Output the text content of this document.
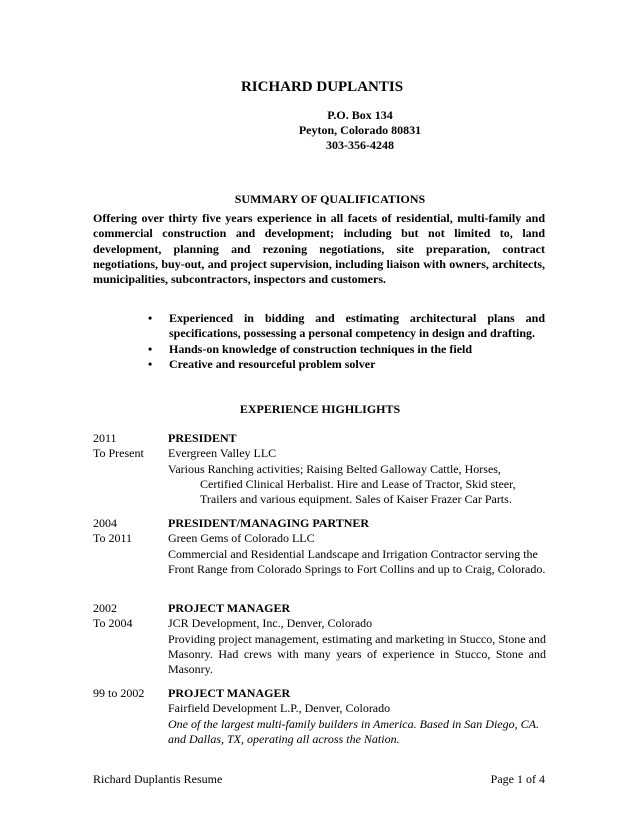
RICHARD DUPLANTIS
P.O. Box 134
Peyton, Colorado 80831
303-356-4248
SUMMARY OF QUALIFICATIONS
Offering over thirty five years experience in all facets of residential, multi-family and commercial construction and development; including but not limited to, land development, planning and rezoning negotiations, site preparation, contract negotiations, buy-out, and project supervision, including liaison with owners, architects, municipalities, subcontractors, inspectors and customers.
• Experienced in bidding and estimating architectural plans and specifications, possessing a personal competency in design and drafting.
• Hands-on knowledge of construction techniques in the field
• Creative and resourceful problem solver
EXPERIENCE HIGHLIGHTS
2011
To Present
PRESIDENT
Evergreen Valley LLC
Various Ranching activities; Raising Belted Galloway Cattle, Horses,
Certified Clinical Herbalist. Hire and Lease of Tractor, Skid steer,
Trailers and various equipment. Sales of Kaiser Frazer Car Parts.
2004
To 2011
PRESIDENT/MANAGING PARTNER
Green Gems of Colorado LLC
Commercial and Residential Landscape and Irrigation Contractor serving the Front Range from Colorado Springs to Fort Collins and up to Craig, Colorado.
2002
To 2004
PROJECT MANAGER
JCR Development, Inc., Denver, Colorado
Providing project management, estimating and marketing in Stucco, Stone and Masonry. Had crews with many years of experience in Stucco, Stone and Masonry.
99 to 2002	PROJECT MANAGER
Fairfield Development L.P., Denver, Colorado
One of the largest multi-family builders in America. Based in San Diego, CA. and Dallas, TX, operating all across the Nation.
Richard Duplantis Resume	Page 1 of 4
